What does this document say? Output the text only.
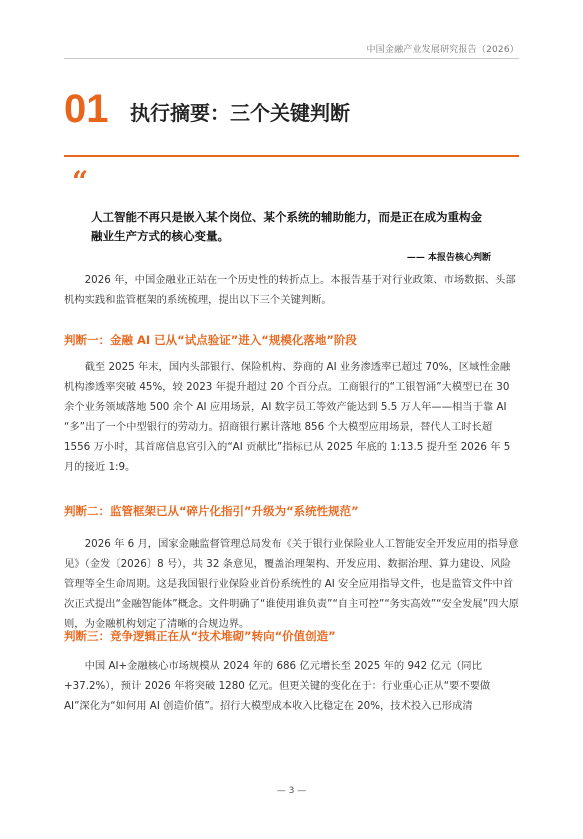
中国金融产业发展研究报告（2026）
01 执行摘要：三个关键判断
“
人工智能不再只是嵌入某个岗位、某个系统的辅助能力，而是正在成为重构金融业生产方式的核心变量。
—— 本报告核心判断

2026 年，中国金融业正站在一个历史性的转折点上。本报告基于对行业政策、市场数据、头部机构实践和监管框架的系统梳理，提出以下三个关键判断。

判断一：金融 AI 已从“试点验证”进入“规模化落地”阶段

截至 2025 年末，国内头部银行、保险机构、券商的 AI 业务渗透率已超过 70%，区域性金融机构渗透率突破 45%，较 2023 年提升超过 20 个百分点。工商银行的“工银智涌”大模型已在 30 余个业务领域落地 500 余个 AI 应用场景，AI 数字员工等效产能达到 5.5 万人年——相当于靠 AI “多”出了一个中型银行的劳动力。招商银行累计落地 856 个大模型应用场景，替代人工时长超 1556 万小时，其首席信息官引入的“AI 贡献比”指标已从 2025 年底的 1:13.5 提升至 2026 年 5 月的接近 1:9。

判断二：监管框架已从“碎片化指引”升级为“系统性规范”

2026 年 6 月，国家金融监督管理总局发布《关于银行业保险业人工智能安全开发应用的指导意见》（金发〔2026〕8 号），共 32 条意见，覆盖治理架构、开发应用、数据治理、算力建设、风险管理等全生命周期。这是我国银行业保险业首份系统性的 AI 安全应用指导文件，也是监管文件中首次正式提出“金融智能体”概念。文件明确了“谁使用谁负责”“自主可控”“务实高效”“安全发展”四大原则，为金融机构划定了清晰的合规边界。

判断三：竞争逻辑正在从“技术堆砌”转向“价值创造”

中国 AI+金融核心市场规模从 2024 年的 686 亿元增长至 2025 年的 942 亿元（同比+37.2%），预计 2026 年将突破 1280 亿元。但更关键的变化在于：行业重心正从“要不要做 AI”深化为“如何用 AI 创造价值”。招行大模型成本收入比稳定在 20%，技术投入已形成清

— 3 —
